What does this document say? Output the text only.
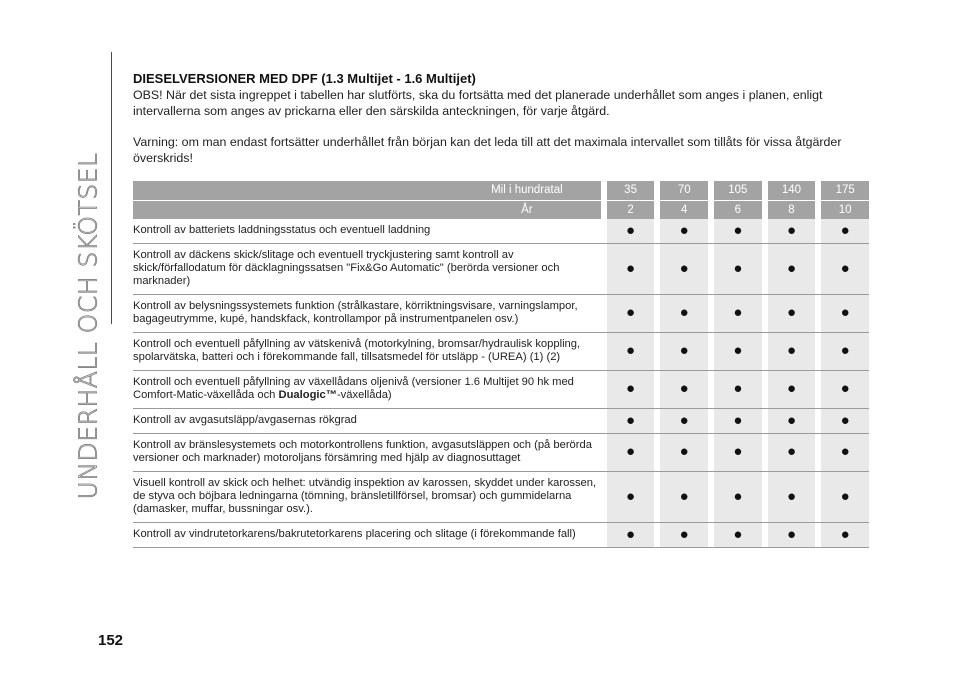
UNDERHÅLL OCH SKÖTSEL
DIESELVERSIONER MED DPF (1.3 Multijet - 1.6 Multijet)

OBS! När det sista ingreppet i tabellen har slutförts, ska du fortsätta med det planerade underhållet som anges i planen, enligt intervallerna som anges av prickarna eller den särskilda anteckningen, för varje åtgärd.

Varning: om man endast fortsätter underhållet från början kan det leda till att det maximala intervallet som tillåts för vissa åtgärder överskrids!

Mil i hundratal		35		70		105		140		175
År		2		4		6		8		10
Kontroll av batteriets laddningsstatus och eventuell laddning		●		●		●		●		●
Kontroll av däckens skick/slitage och eventuell tryckjustering samt kontroll av skick/förfallodatum för däcklagningssatsen "Fix&Go Automatic" (berörda versioner och marknader)		●		●		●		●		●
Kontroll av belysningssystemets funktion (strålkastare, körriktningsvisare, varningslampor, bagageutrymme, kupé, handskfack, kontrollampor på instrumentpanelen osv.)		●		●		●		●		●
Kontroll och eventuell påfyllning av vätskenivå (motorkylning, bromsar/hydraulisk koppling, spolarvätska, batteri och i förekommande fall, tillsatsmedel för utsläpp - (UREA) (1) (2)		●		●		●		●		●
Kontroll och eventuell påfyllning av växellådans oljenivå (versioner 1.6 Multijet 90 hk med Comfort-Matic-växellåda och Dualogic™-växellåda)		●		●		●		●		●
Kontroll av avgasutsläpp/avgasernas rökgrad		●		●		●		●		●
Kontroll av bränslesystemets och motorkontrollens funktion, avgasutsläppen och (på berörda versioner och marknader) motoroljans försämring med hjälp av diagnosuttaget		●		●		●		●		●
Visuell kontroll av skick och helhet: utvändig inspektion av karossen, skyddet under karossen, de styva och böjbara ledningarna (tömning, bränsletillförsel, bromsar) och gummidelarna (damasker, muffar, bussningar osv.).		●		●		●		●		●
Kontroll av vindrutetorkarens/bakrutetorkarens placering och slitage (i förekommande fall)		●		●		●		●		●
152
